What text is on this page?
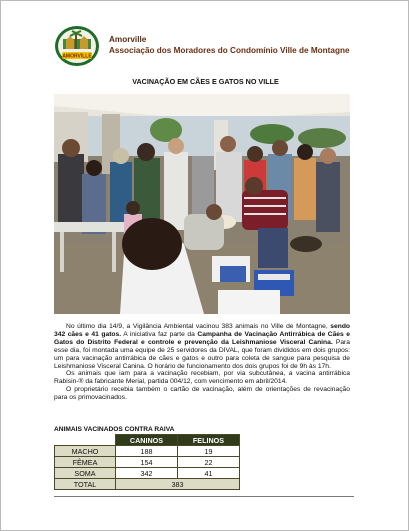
AMORVILLE
Amorville
Associação dos Moradores do Condomínio Ville de Montagne
VACINAÇÃO EM CÃES E GATOS NO VILLE

No último dia 14/9, a Vigilância Ambiental vacinou 383 animais no Ville de Montagne, sendo 342 cães e 41 gatos. A iniciativa faz parte da Campanha de Vacinação Antirrábica de Cães e Gatos do Distrito Federal e controle e prevenção da Leishmaniose Visceral Canina. Para esse dia, foi montada uma equipe de 25 servidores da DIVAL, que foram divididos em dois grupos: um para vacinação antirrábica de cães e gatos e outro para coleta de sangue para pesquisa de Leishmaniose Visceral Canina. O horário de funcionamento dos dois grupos foi de 9h às 17h.

Os animais que iam para a vacinação recebiam, por via subcutânea, a vacina antirrábica Rabisin-® da fabricante Merial, partida 004/12, com vencimento em abril/2014.

O proprietário recebia também o cartão de vacinação, além de orientações de revacinação para os primovacinados.

ANIMAIS VACINADOS CONTRA RAIVA
	CANINOS	FELINOS
MACHO	188	19
FÊMEA	154	22
SOMA	342	41
TOTAL	383	
